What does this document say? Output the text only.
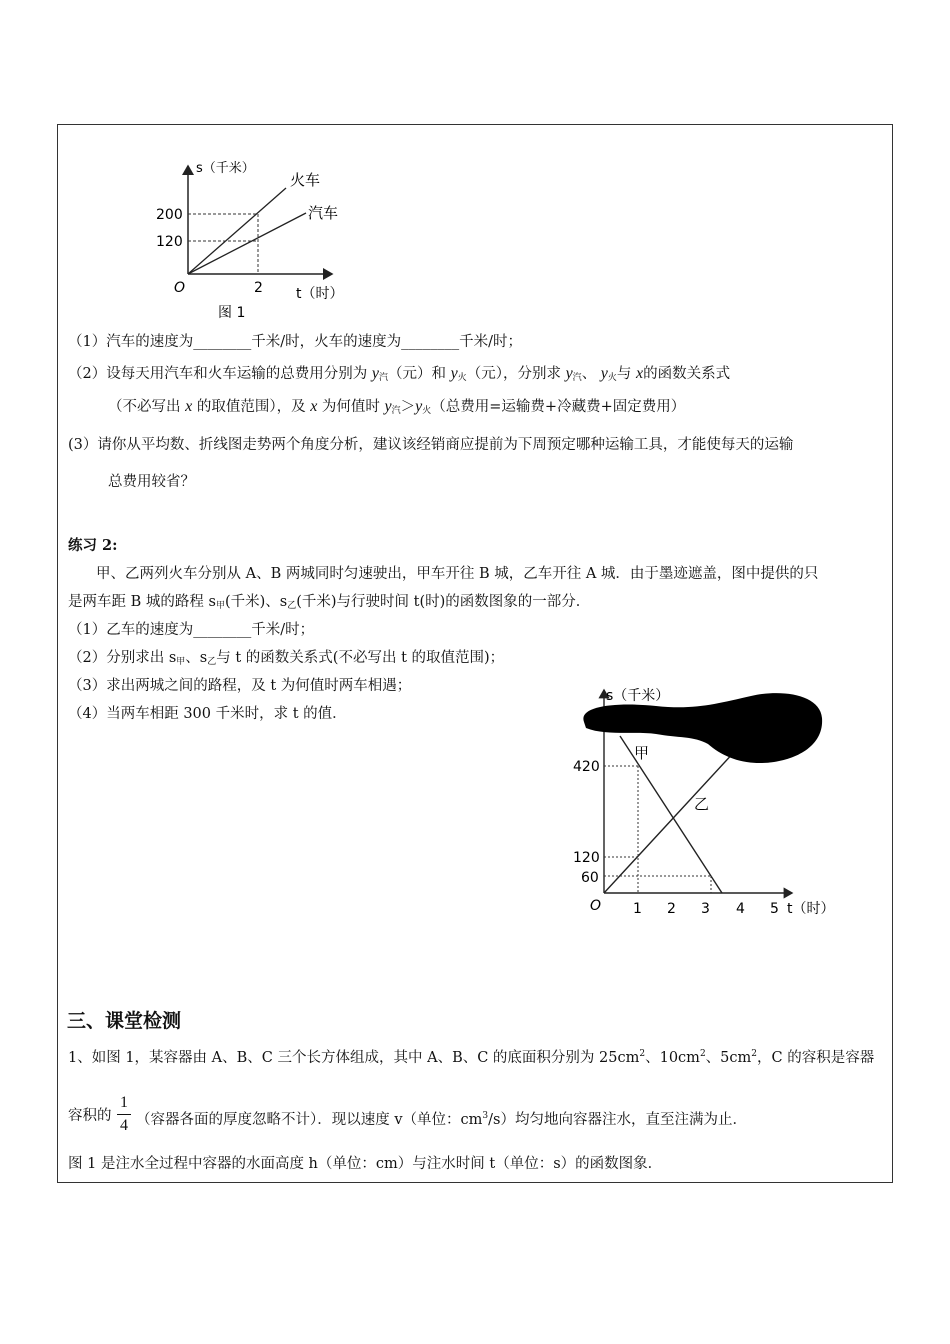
s（千米）
200
120
O	2 t（时）
火车
汽车
图 1
（1）汽车的速度为________千米/时，火车的速度为________千米/时；
（2）设每天用汽车和火车运输的总费用分别为 $y_汽$（元）和 $y_火$（元），分别求 $y_汽$、 $y_火$与 x的函数关系式
（不必写出 x 的取值范围），及 x 为何值时 $y_汽>y_火$（总费用=运输费+冷藏费+固定费用）
(3）请你从平均数、折线图走势两个角度分析，建议该经销商应提前为下周预定哪种运输工具，才能使每天的运输
总费用较省？
练习 2:
甲、乙两列火车分别从 A、B 两城同时匀速驶出，甲车开往 B 城，乙车开往 A 城．由于墨迹遮盖，图中提供的只
是两车距 B 城的路程 $s_甲$(千米)、$s_乙$(千米)与行驶时间 t(时)的函数图象的一部分．
（1）乙车的速度为________千米/时；
（2）分别求出 $s_甲$、$s_乙$与 t 的函数关系式(不必写出 t 的取值范围)；
（3）求出两城之间的路程，及 t 为何值时两车相遇；
（4）当两车相距 300 千米时，求 t 的值．
s（千米）
420
120
60
O 1 2 3 4 5 t（时）
甲
乙
三、课堂检测
1、如图 1，某容器由 A、B、C 三个长方体组成，其中 A、B、C 的底面积分别为 $25cm^2$、$10cm^2$、$5cm^2$，C 的容积是容器
容积的
1
4 （容器各面的厚度忽略不计）．现以速度 v（单位：$cm^3/s$）均匀地向容器注水，直至注满为止．
图 1 是注水全过程中容器的水面高度 h（单位：cm）与注水时间 t（单位：s）的函数图象．
